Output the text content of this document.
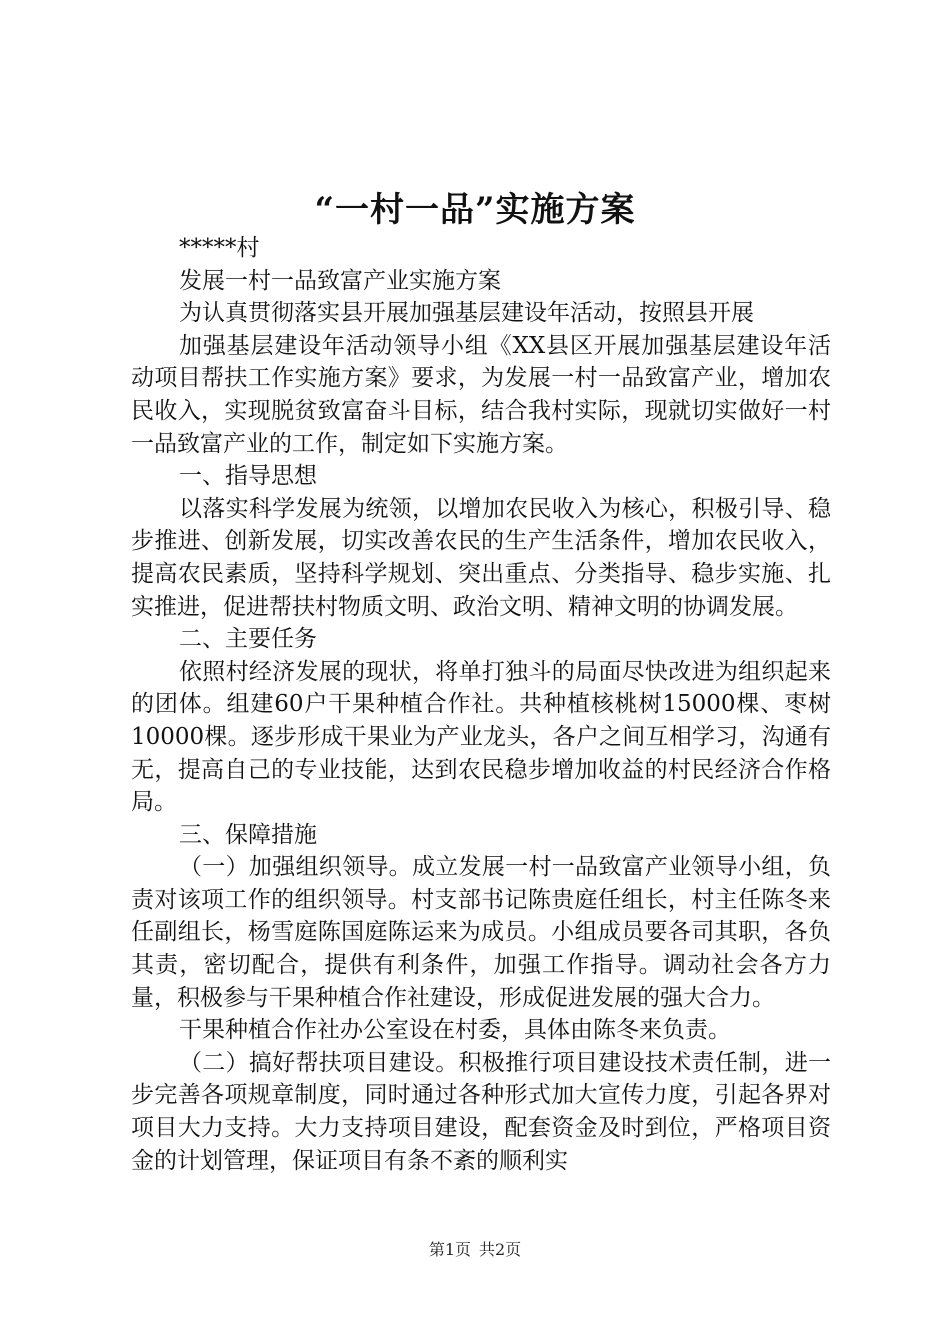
“一村一品”实施方案

*****村

发展一村一品致富产业实施方案

为认真贯彻落实县开展加强基层建设年活动，按照县开展

加强基层建设年活动领导小组《XX县区开展加强基层建设年活动项目帮扶工作实施方案》要求，为发展一村一品致富产业，增加农民收入，实现脱贫致富奋斗目标，结合我村实际，现就切实做好一村一品致富产业的工作，制定如下实施方案。

一、指导思想

以落实科学发展为统领，以增加农民收入为核心，积极引导、稳步推进、创新发展，切实改善农民的生产生活条件，增加农民收入，提高农民素质，坚持科学规划、突出重点、分类指导、稳步实施、扎实推进，促进帮扶村物质文明、政治文明、精神文明的协调发展。

二、主要任务

依照村经济发展的现状，将单打独斗的局面尽快改进为组织起来的团体。组建60户干果种植合作社。共种植核桃树15000棵、枣树10000棵。逐步形成干果业为产业龙头，各户之间互相学习，沟通有无，提高自己的专业技能，达到农民稳步增加收益的村民经济合作格局。

三、保障措施

（一）加强组织领导。成立发展一村一品致富产业领导小组，负责对该项工作的组织领导。村支部书记陈贵庭任组长，村主任陈冬来任副组长，杨雪庭陈国庭陈运来为成员。小组成员要各司其职，各负其责，密切配合，提供有利条件，加强工作指导。调动社会各方力量，积极参与干果种植合作社建设，形成促进发展的强大合力。

干果种植合作社办公室设在村委，具体由陈冬来负责。

（二）搞好帮扶项目建设。积极推行项目建设技术责任制，进一步完善各项规章制度，同时通过各种形式加大宣传力度，引起各界对项目大力支持。大力支持项目建设，配套资金及时到位，严格项目资金的计划管理，保证项目有条不紊的顺利实

第1页 共2页
